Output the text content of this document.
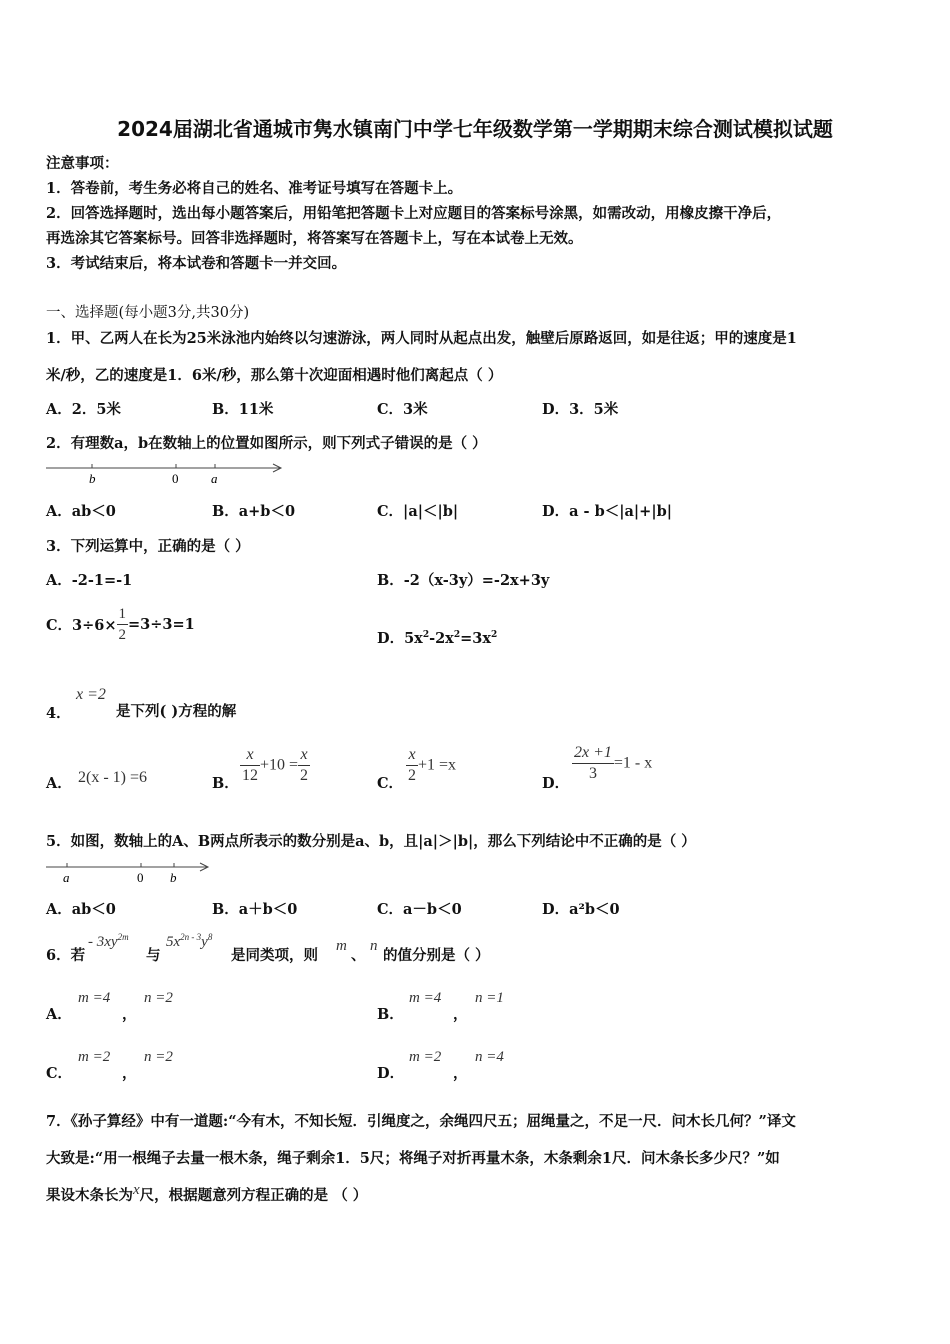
2024届湖北省通城市隽水镇南门中学七年级数学第一学期期末综合测试模拟试题
注意事项：
1．答卷前，考生务必将自己的姓名、准考证号填写在答题卡上。
2．回答选择题时，选出每小题答案后，用铅笔把答题卡上对应题目的答案标号涂黑，如需改动，用橡皮擦干净后，
再选涂其它答案标号。回答非选择题时，将答案写在答题卡上，写在本试卷上无效。
3．考试结束后，将本试卷和答题卡一并交回。
一、选择题(每小题3分,共30分)
1．甲、乙两人在长为25米泳池内始终以匀速游泳，两人同时从起点出发，触壁后原路返回，如是往返；甲的速度是1
米/秒，乙的速度是1．6米/秒，那么第十次迎面相遇时他们离起点（ ）
A．2．5米	B．11米	C．3米	D．3．5米
2．有理数a，b在数轴上的位置如图所示，则下列式子错误的是（ ）
b	0	a
A．ab＜0	B．a+b＜0	C．|a|＜|b|	D．a - b＜|a|+|b|
3．下列运算中，正确的是（ ）
A．-2-1=-1	B．-2（x-3y）=-2x+3y
C．$3\div 6\times \frac{1}{2} =3\div 3=1$
D．$5x^2-2x^2=3x^2$
4．
x =2
是下列( )方程的解
A． 2(x - 1) =6	B． $\frac{x}{12} +10 = \frac{x}{2}$	C． $\frac{x}{2} +1 =x$
D． $\frac{2x +1}{3} =1 - x$
5．如图，数轴上的A、B两点所表示的数分别是a、b，且|a|＞|b|，那么下列结论中不正确的是（ ）
a	0 b
A．ab＜0	B．a＋b＜0	C．a－b＜0	D．a²b＜0
6．若
- $3xy^{2m}$
与
$5x^{2n - 3}y^8$
是同类项，则
m
、
n
的值分别是（ ）
A．
m =4
，
n =2
B．
m =4
，
n =1
C．
m =2
，
n =2
D．
m =2
，
n =4
7．《孙子算经》中有一道题:“今有木，不知长短．引绳度之，余绳四尺五；屈绳量之，不足一尺．问木长几何？”译文
大致是:“用一根绳子去量一根木条，绳子剩余1．5尺；将绳子对折再量木条，木条剩余1尺．问木条长多少尺？”如
果设木条长为x尺，根据题意列方程正确的是 （ ）
